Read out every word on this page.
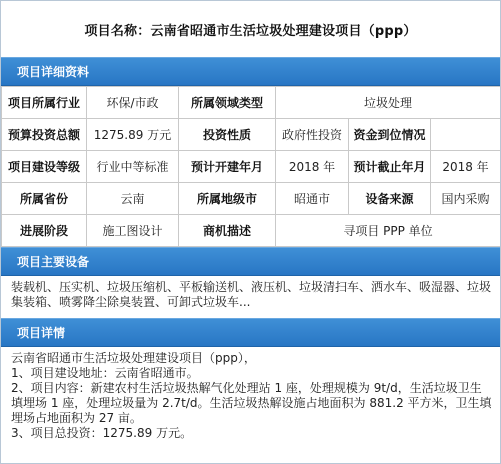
项目名称：云南省昭通市生活垃圾处理建设项目（ppp）
项目详细资料
项目所属行业	环保/市政	所属领域类型	垃圾处理		
预算投资总额	1275.89 万元	投资性质	政府性投资	资金到位情况	
项目建设等级	行业中等标准	预计开建年月	2018 年	预计截止年月	2018 年
所属省份	云南	所属地级市	昭通市	设备来源	国内采购
进展阶段	施工图设计	商机描述	寻项目 PPP 单位		
项目主要设备
装载机、压实机、垃圾压缩机、平板输送机、液压机、垃圾清扫车、洒水车、吸湿器、垃圾集装箱、喷雾降尘除臭装置、可卸式垃圾车...
项目详情

云南省昭通市生活垃圾处理建设项目（ppp），

1、项目建设地址：云南省昭通市。

2、项目内容：新建农村生活垃圾热解气化处理站 1 座，处理规模为 9t/d，生活垃圾卫生填埋场 1 座，处理垃圾量为 2.7t/d。生活垃圾热解设施占地面积为 881.2 平方米，卫生填埋场占地面积为 27 亩。

3、项目总投资：1275.89 万元。
